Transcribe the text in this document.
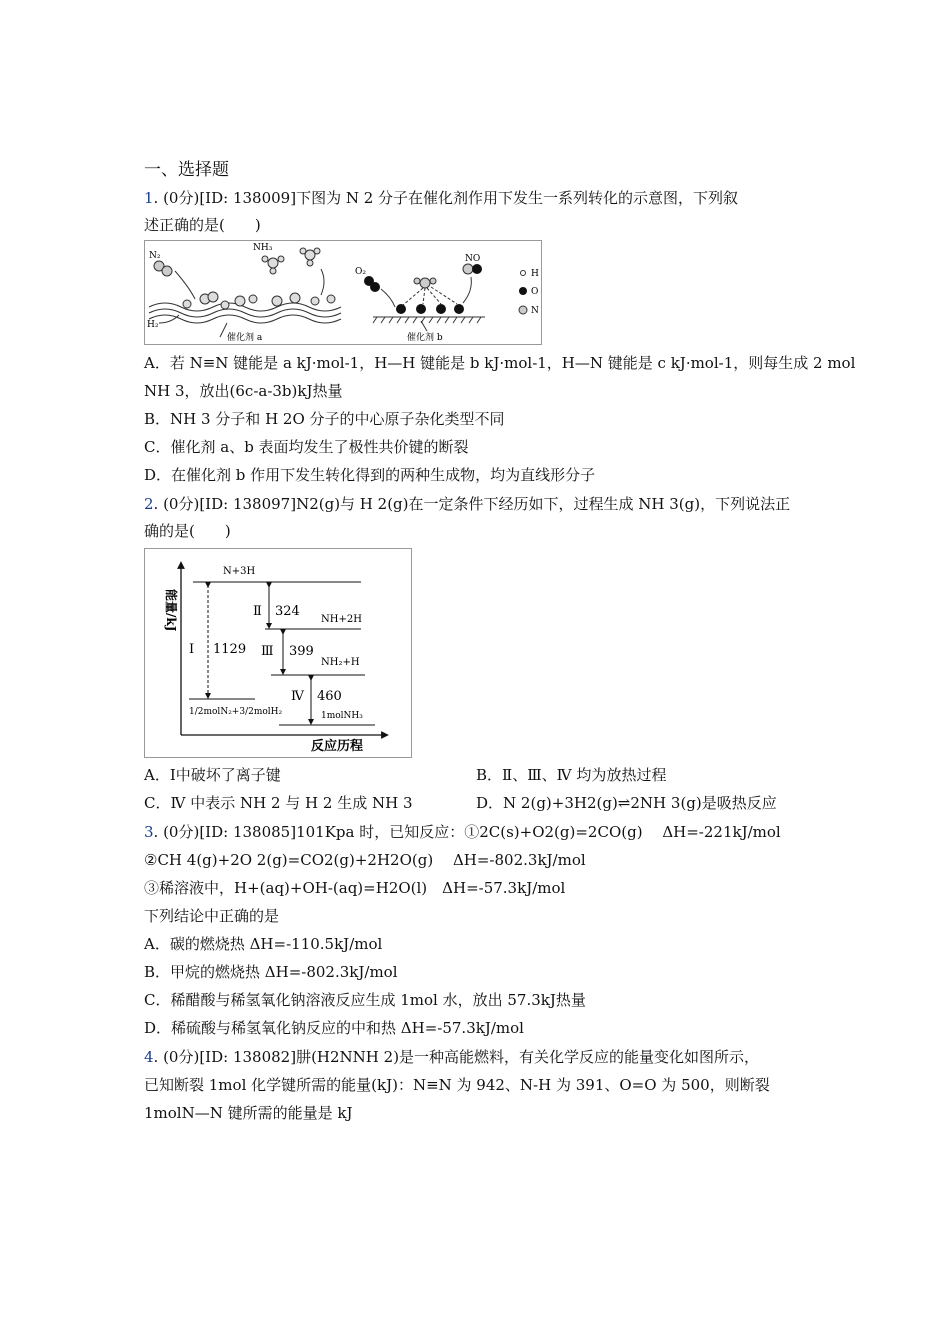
一、选择题
1. (0分)[ID: 138009]下图为 N 2 分子在催化剂作用下发生一系列转化的示意图，下列叙
述正确的是(　　)
N₂
NH₃
H₂
催化剂 a
O₂
NO
催化剂 b
H
O
N
A．若 N≡N 键能是 a kJ·mol-1，H—H 键能是 b kJ·mol-1，H—N 键能是 c kJ·mol-1，则每生成 2 mol
NH 3，放出(6c-a-3b)kJ热量
B．NH 3 分子和 H 2O 分子的中心原子杂化类型不同
C．催化剂 a、b 表面均发生了极性共价键的断裂
D．在催化剂 b 作用下发生转化得到的两种生成物，均为直线形分子
2. (0分)[ID: 138097]N2(g)与 H 2(g)在一定条件下经历如下，过程生成 NH 3(g)，下列说法正
确的是(　　)
能量/kJ
反应历程
N+3H
NH+2H
NH₂+H
1/2molN₂+3/2molH₂	1molNH₃
Ⅰ 1129
Ⅱ 324
Ⅲ 399
Ⅳ 460
A．Ⅰ中破坏了离子键	B．Ⅱ、Ⅲ、Ⅳ 均为放热过程
C．Ⅳ 中表示 NH 2 与 H 2 生成 NH 3	D．N 2(g)+3H2(g)⇌2NH 3(g)是吸热反应
3. (0分)[ID: 138085]101Kpa 时，已知反应：①2C(s)+O2(g)=2CO(g)　 ΔH=-221kJ/mol
②CH 4(g)+2O 2(g)=CO2(g)+2H2O(g)　 ΔH=-802.3kJ/mol
③稀溶液中，H+(aq)+OH-(aq)=H2O(l)　ΔH=-57.3kJ/mol
下列结论中正确的是
A．碳的燃烧热 ΔH=-110.5kJ/mol
B．甲烷的燃烧热 ΔH=-802.3kJ/mol
C．稀醋酸与稀氢氧化钠溶液反应生成 1mol 水，放出 57.3kJ热量
D．稀硫酸与稀氢氧化钠反应的中和热 ΔH=-57.3kJ/mol
4. (0分)[ID: 138082]肼(H2NNH 2)是一种高能燃料，有关化学反应的能量变化如图所示，
已知断裂 1mol 化学键所需的能量(kJ)：N≡N 为 942、N-H 为 391、O=O 为 500，则断裂
1molN—N 键所需的能量是 kJ
